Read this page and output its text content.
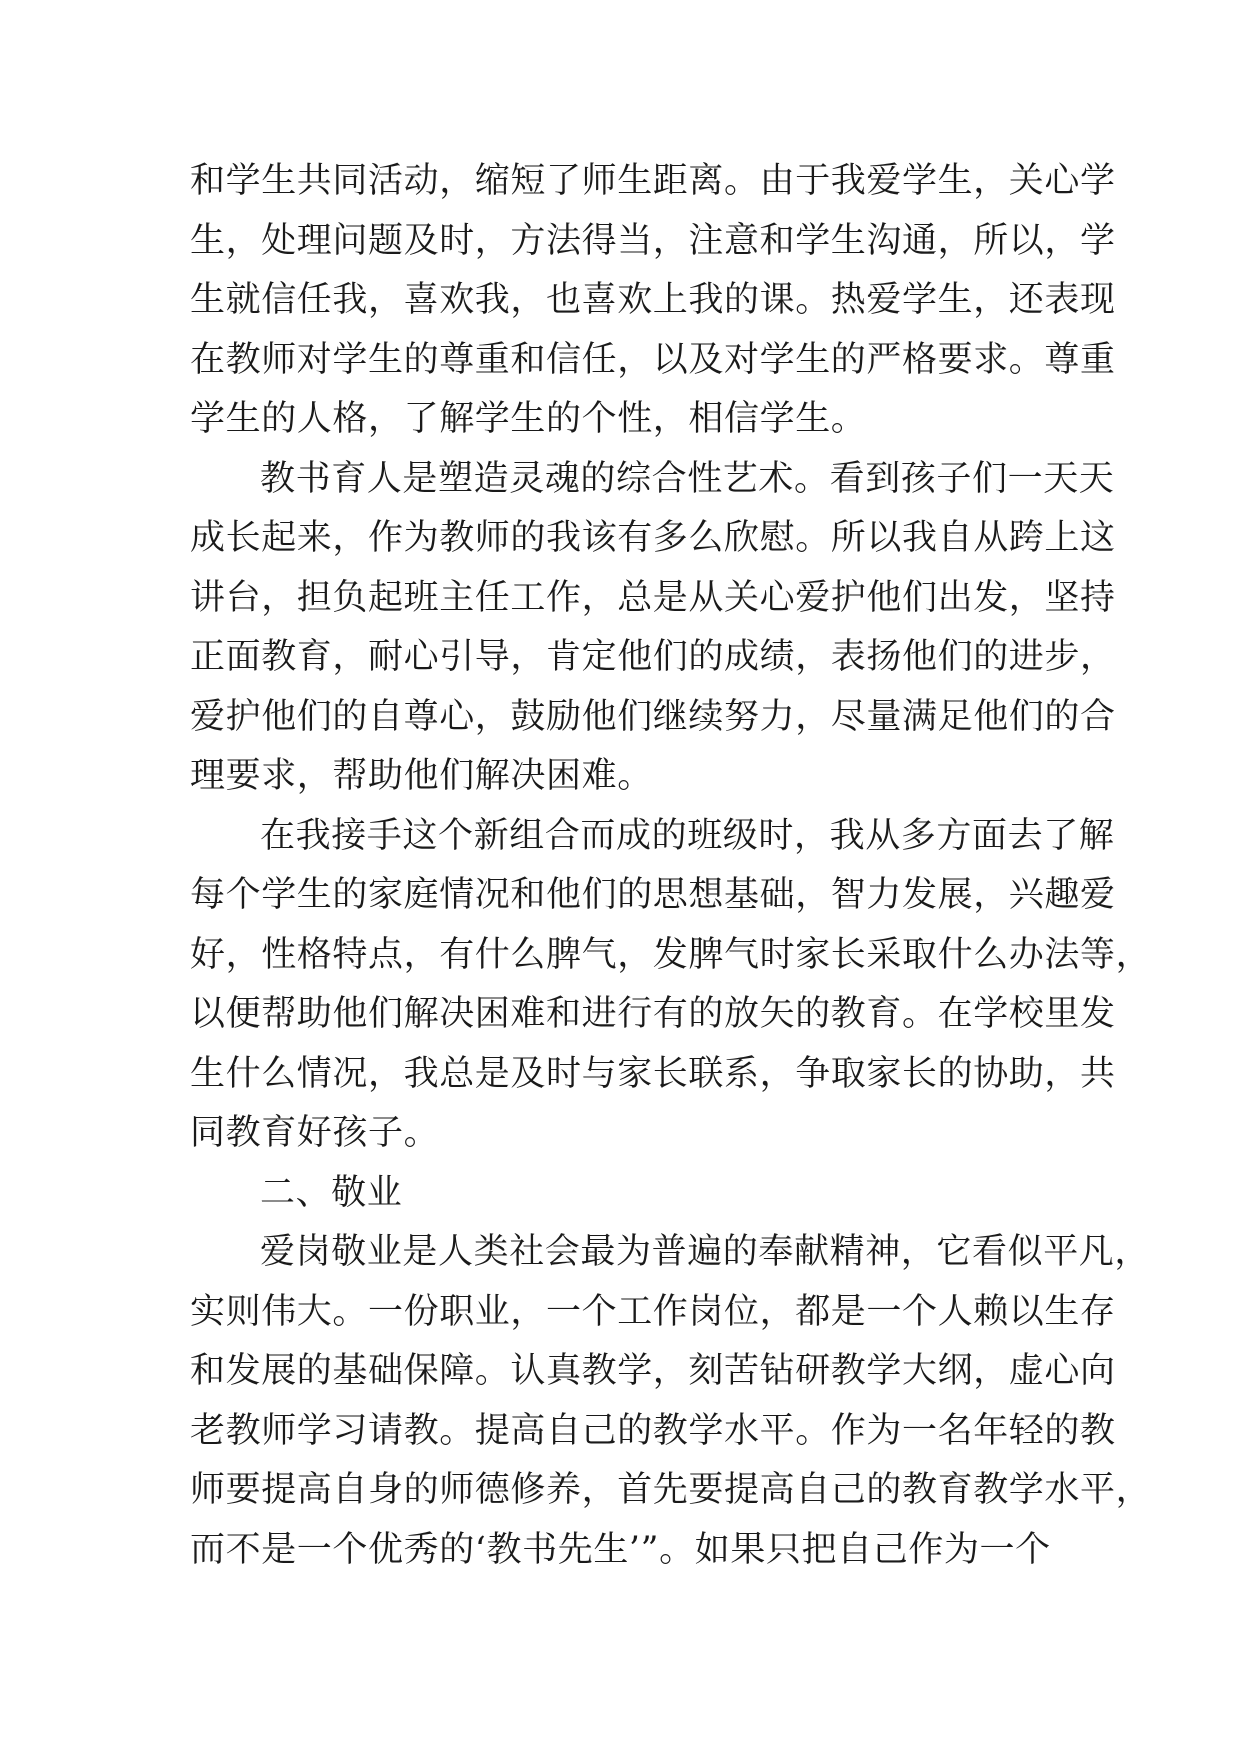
和学生共同活动，缩短了师生距离。由于我爱学生，关心学
生，处理问题及时，方法得当，注意和学生沟通，所以，学
生就信任我，喜欢我，也喜欢上我的课。热爱学生，还表现
在教师对学生的尊重和信任，以及对学生的严格要求。尊重
学生的人格，了解学生的个性，相信学生。
教书育人是塑造灵魂的综合性艺术。看到孩子们一天天
成长起来，作为教师的我该有多么欣慰。所以我自从跨上这
讲台，担负起班主任工作，总是从关心爱护他们出发，坚持
正面教育，耐心引导，肯定他们的成绩，表扬他们的进步，
爱护他们的自尊心，鼓励他们继续努力，尽量满足他们的合
理要求，帮助他们解决困难。
在我接手这个新组合而成的班级时，我从多方面去了解
每个学生的家庭情况和他们的思想基础，智力发展，兴趣爱
好，性格特点，有什么脾气，发脾气时家长采取什么办法等，
以便帮助他们解决困难和进行有的放矢的教育。在学校里发
生什么情况，我总是及时与家长联系，争取家长的协助，共
同教育好孩子。
二、敬业
爱岗敬业是人类社会最为普遍的奉献精神，它看似平凡，
实则伟大。一份职业，一个工作岗位，都是一个人赖以生存
和发展的基础保障。认真教学，刻苦钻研教学大纲，虚心向
老教师学习请教。提高自己的教学水平。作为一名年轻的教
师要提高自身的师德修养，首先要提高自己的教育教学水平，
而不是一个优秀的‘教书先生’”。如果只把自己作为一个
